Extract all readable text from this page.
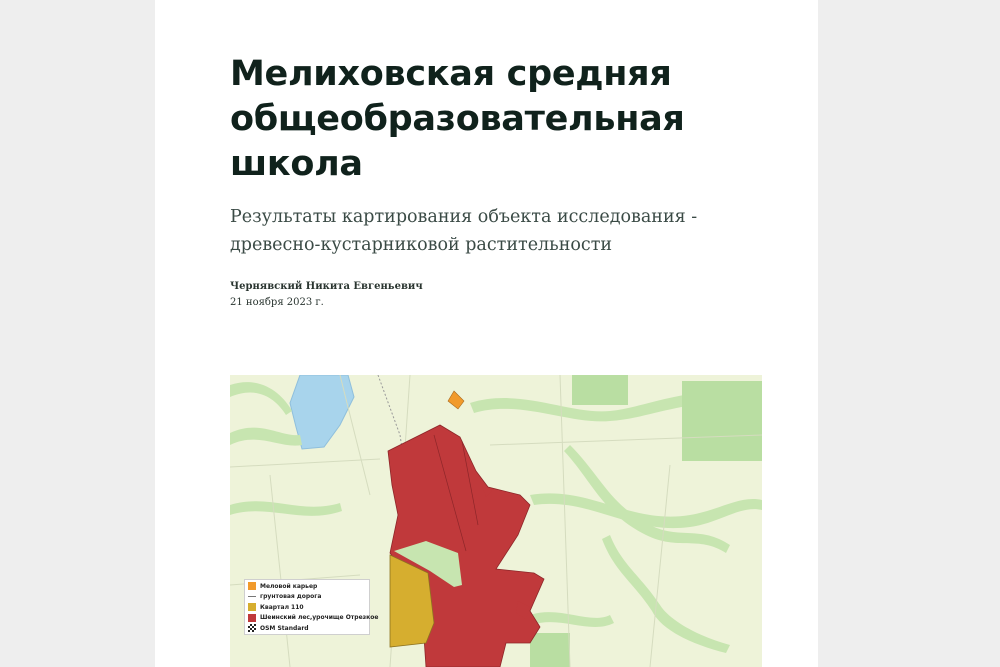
Мелиховская средняя общеобразовательная школа

Результаты картирования объекта исследования - древесно-кустарниковой растительности

Чернявский Никита Евгеньевич
21 ноября 2023 г.
Меловой карьер
грунтовая дорога
Квартал 110
Шеинский лес,урочище Отрезкое
OSM Standard
